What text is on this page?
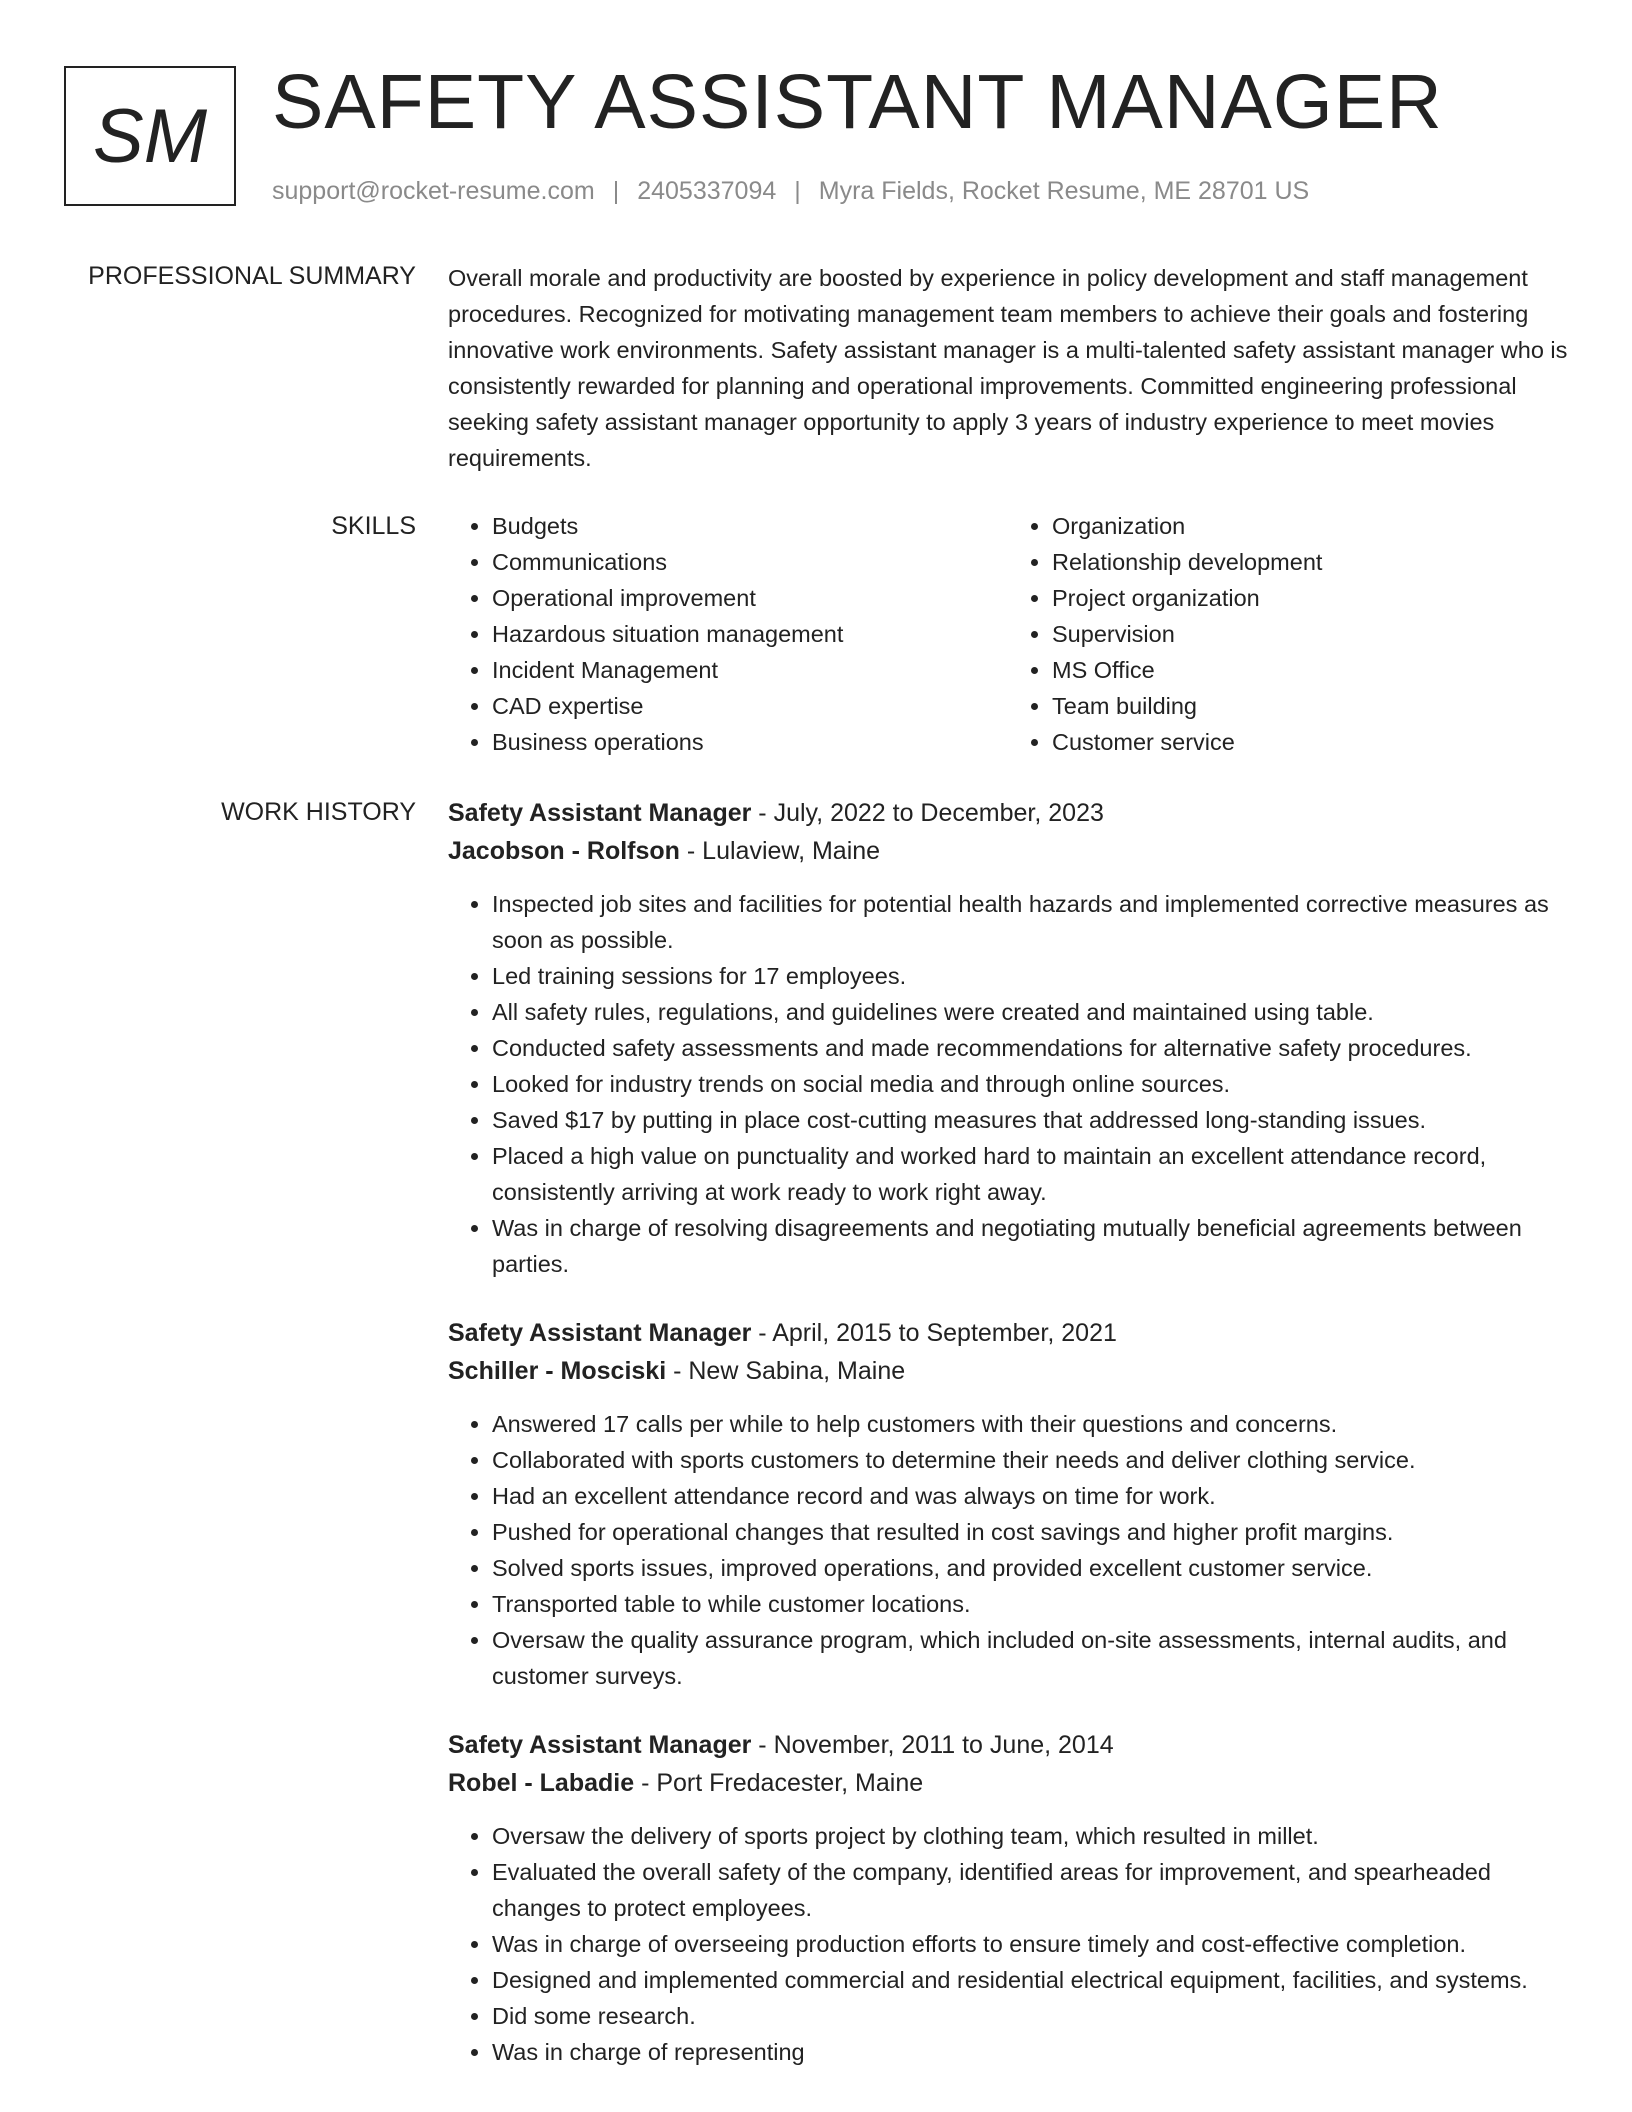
SM SAFETY ASSISTANT MANAGER
support@rocket-resume.com | 2405337094 | Myra Fields, Rocket Resume, ME 28701 US
PROFESSIONAL SUMMARY Overall morale and productivity are boosted by experience in policy development and staff management procedures. Recognized for motivating management team members to achieve their goals and fostering innovative work environments. Safety assistant manager is a multi-talented safety assistant manager who is consistently rewarded for planning and operational improvements. Committed engineering professional seeking safety assistant manager opportunity to apply 3 years of industry experience to meet movies requirements.
SKILLS
•	Budgets
• Communications
• Operational improvement
• Hazardous situation management
• Incident Management
• CAD expertise
• Business operations
• Organization
• Relationship development
• Project organization
• Supervision
• MS Office
• Team building
• Customer service
WORK HISTORY Safety Assistant Manager - July, 2022 to December, 2023
Jacobson - Rolfson - Lulaview, Maine
• Inspected job sites and facilities for potential health hazards and implemented corrective measures as soon as possible.
• Led training sessions for 17 employees.
• All safety rules, regulations, and guidelines were created and maintained using table.
• Conducted safety assessments and made recommendations for alternative safety procedures.
• Looked for industry trends on social media and through online sources.
• Saved $17 by putting in place cost-cutting measures that addressed long-standing issues.
• Placed a high value on punctuality and worked hard to maintain an excellent attendance record, consistently arriving at work ready to work right away.
• Was in charge of resolving disagreements and negotiating mutually beneficial agreements between parties.
Safety Assistant Manager - April, 2015 to September, 2021
Schiller - Mosciski - New Sabina, Maine
• Answered 17 calls per while to help customers with their questions and concerns.
• Collaborated with sports customers to determine their needs and deliver clothing service.
• Had an excellent attendance record and was always on time for work.
• Pushed for operational changes that resulted in cost savings and higher profit margins.
• Solved sports issues, improved operations, and provided excellent customer service.
• Transported table to while customer locations.
• Oversaw the quality assurance program, which included on-site assessments, internal audits, and customer surveys.
Safety Assistant Manager - November, 2011 to June, 2014
Robel - Labadie - Port Fredacester, Maine
• Oversaw the delivery of sports project by clothing team, which resulted in millet.
• Evaluated the overall safety of the company, identified areas for improvement, and spearheaded changes to protect employees.
• Was in charge of overseeing production efforts to ensure timely and cost-effective completion.
• Designed and implemented commercial and residential electrical equipment, facilities, and systems.
• Did some research.
• Was in charge of representing
